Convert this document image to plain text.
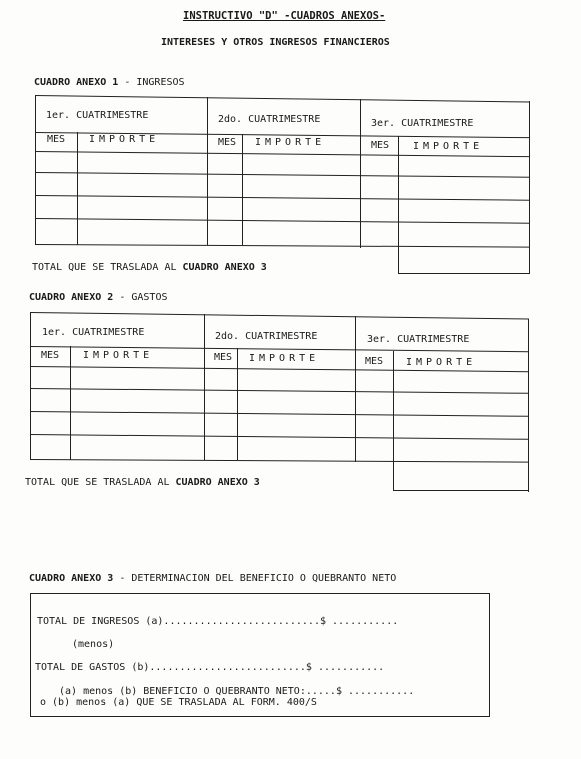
INSTRUCTIVO "D" -CUADROS ANEXOS-
INTERESES Y OTROS INGRESOS FINANCIEROS
CUADRO ANEXO 1 - INGRESOS
1er. CUATRIMESTRE	2do. CUATRIMESTRE	3er. CUATRIMESTRE
MES IMPORTE	MES IMPORTE	MES IMPORTE
TOTAL QUE SE TRASLADA AL CUADRO ANEXO 3
CUADRO ANEXO 2 - GASTOS
1er. CUATRIMESTRE	2do. CUATRIMESTRE	3er. CUATRIMESTRE
MES IMPORTE	MES IMPORTE	MES IMPORTE
TOTAL QUE SE TRASLADA AL CUADRO ANEXO 3
CUADRO ANEXO 3 - DETERMINACION DEL BENEFICIO O QUEBRANTO NETO
TOTAL DE INGRESOS (a)..........................$ ...........
(menos)
TOTAL DE GASTOS (b)..........................$ ...........
(a) menos (b) BENEFICIO O QUEBRANTO NETO:.....$ ...........
o (b) menos (a) QUE SE TRASLADA AL FORM. 400/S
